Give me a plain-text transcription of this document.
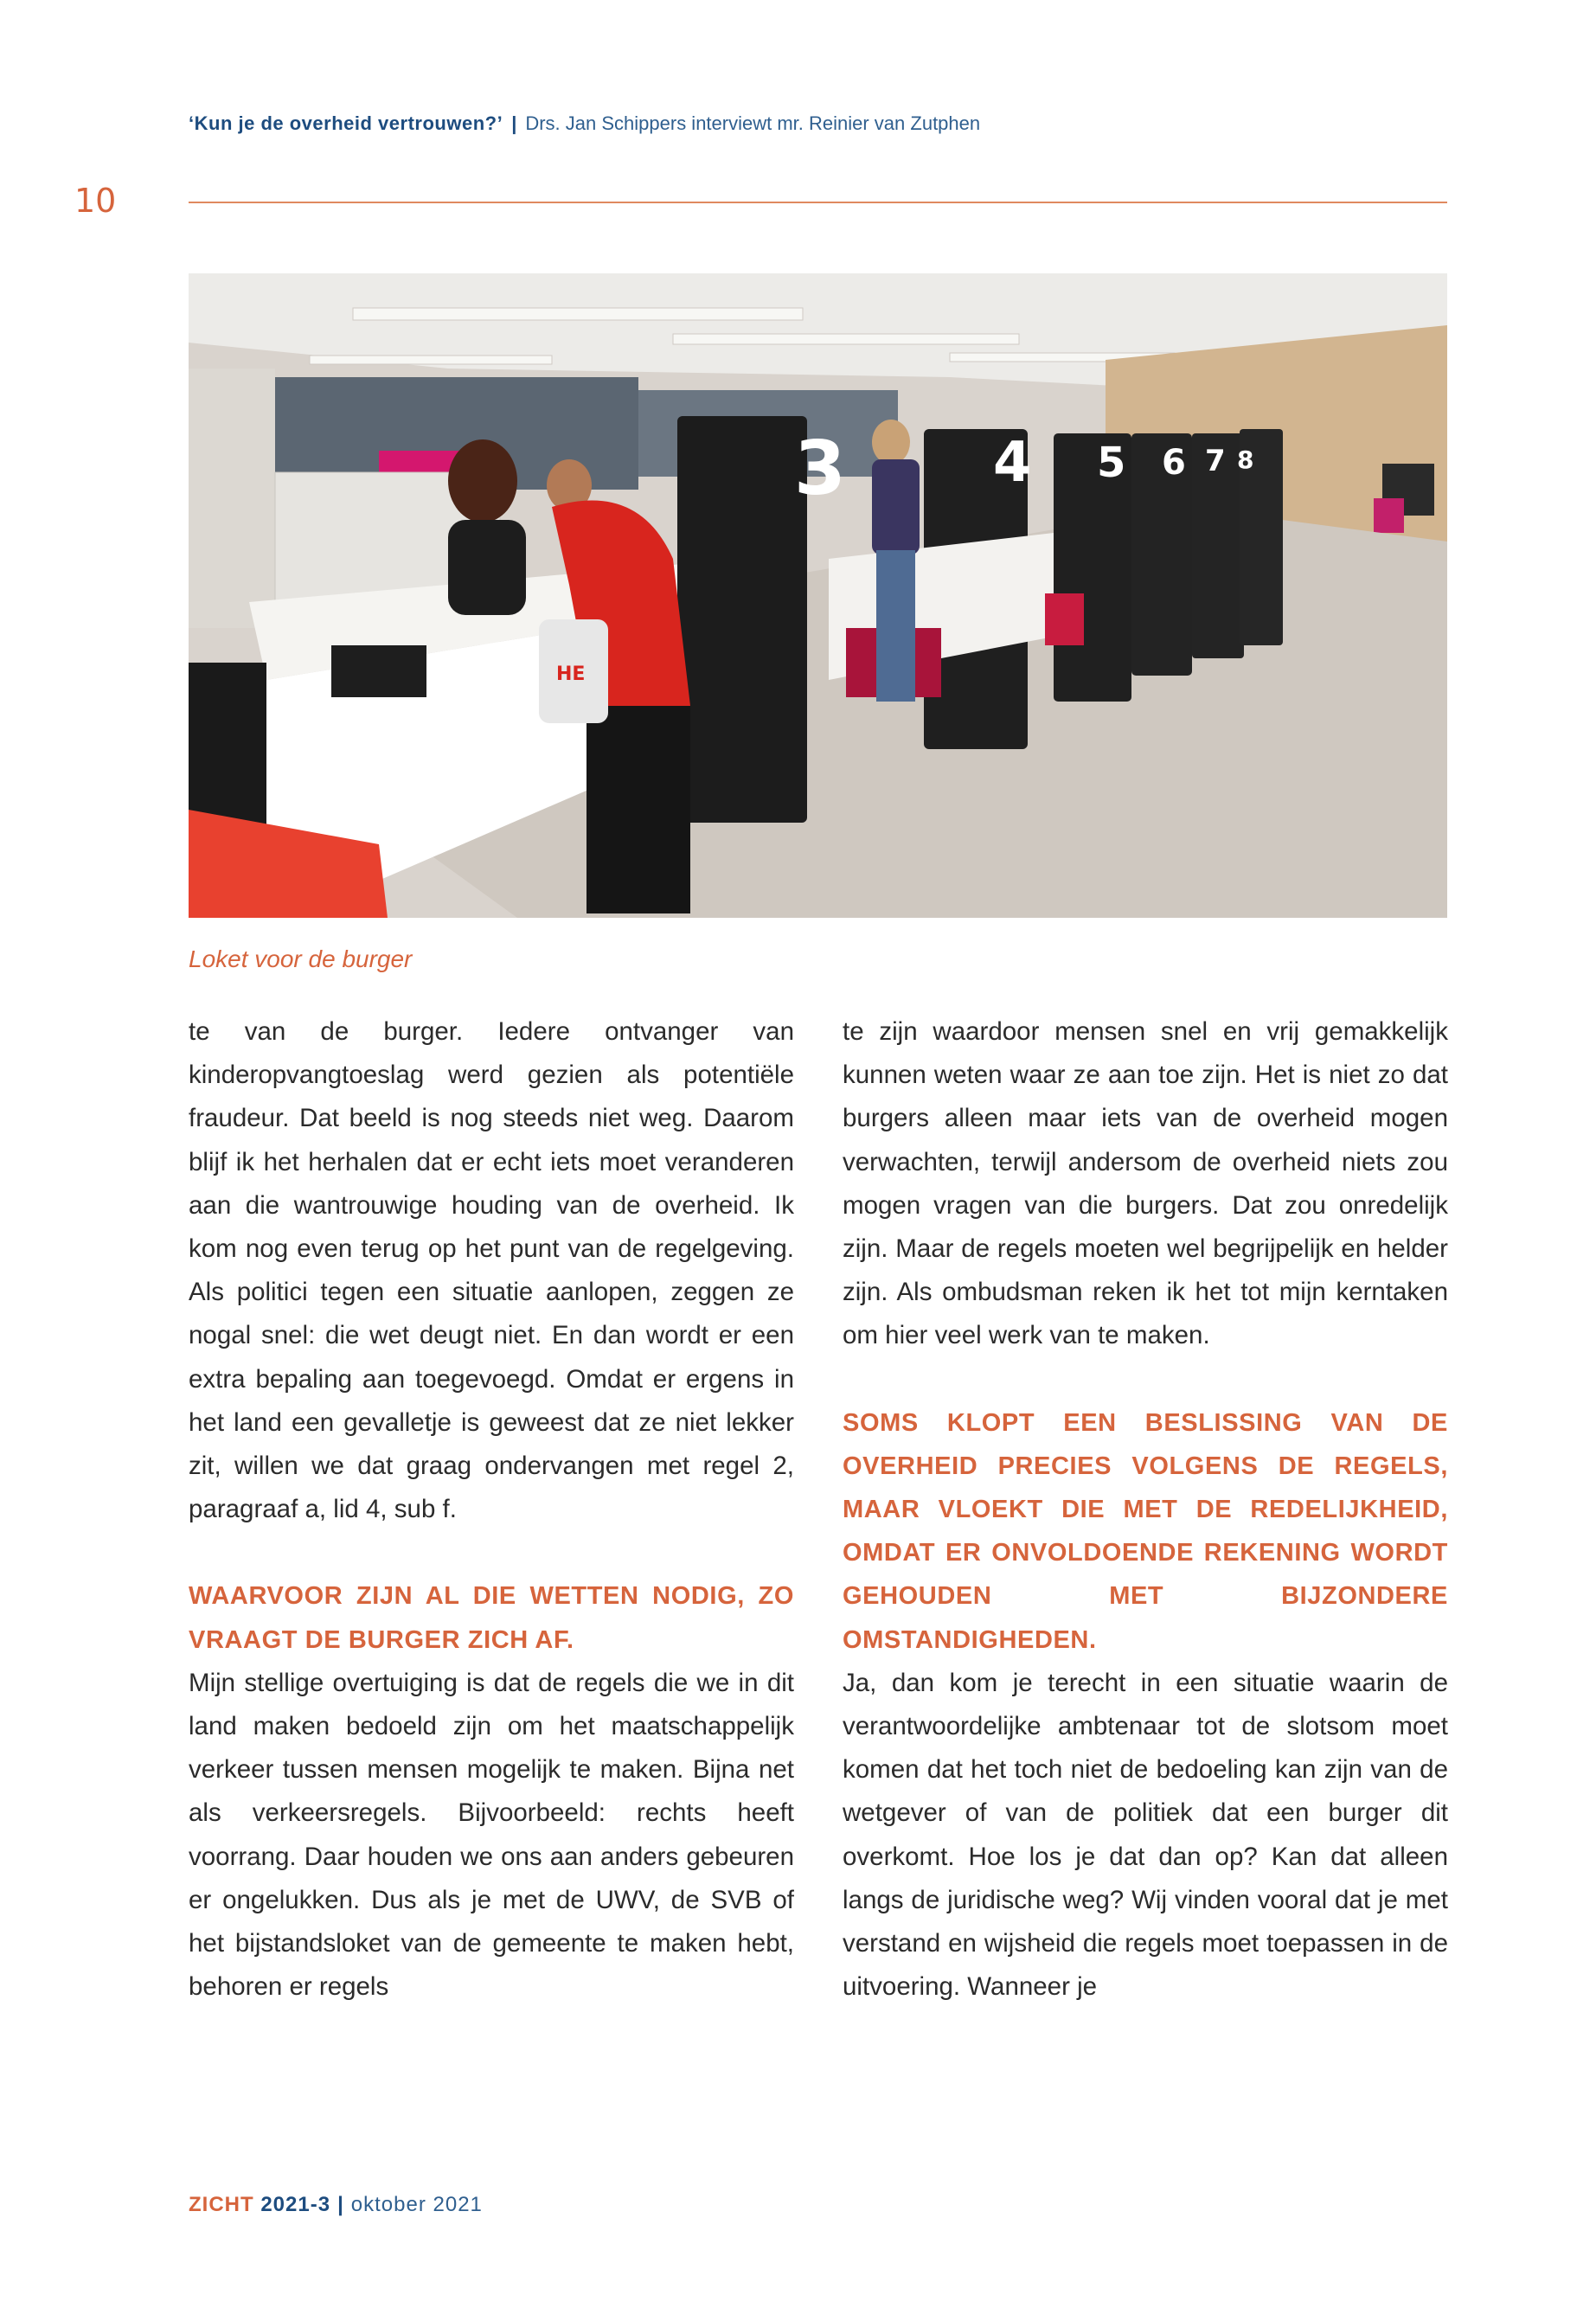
‘Kun je de overheid vertrouwen?’ | Drs. Jan Schippers interviewt mr. Reinier van Zutphen
10
3	4 5 6 7 8
HE
Loket voor de burger

te van de burger. Iedere ontvanger van kinderopvangtoeslag werd gezien als potentiële fraudeur. Dat beeld is nog steeds niet weg. Daarom blijf ik het herhalen dat er echt iets moet veranderen aan die wantrouwige houding van de overheid. Ik kom nog even terug op het punt van de regelgeving. Als politici tegen een situatie aanlopen, zeggen ze nogal snel: die wet deugt niet. En dan wordt er een extra bepaling aan toegevoegd. Omdat er ergens in het land een gevalletje is geweest dat ze niet lekker zit, willen we dat graag ondervangen met regel 2, paragraaf a, lid 4, sub f.

WAARVOOR ZIJN AL DIE WETTEN NODIG, ZO VRAAGT DE BURGER ZICH AF.

Mijn stellige overtuiging is dat de regels die we in dit land maken bedoeld zijn om het maatschappelijk verkeer tussen mensen mogelijk te maken. Bijna net als verkeersregels. Bijvoorbeeld: rechts heeft voorrang. Daar houden we ons aan anders gebeuren er ongelukken. Dus als je met de UWV, de SVB of het bijstandsloket van de gemeente te maken hebt, behoren er regels

te zijn waardoor mensen snel en vrij gemakkelijk kunnen weten waar ze aan toe zijn. Het is niet zo dat burgers alleen maar iets van de overheid mogen verwachten, terwijl andersom de overheid niets zou mogen vragen van die burgers. Dat zou onredelijk zijn. Maar de regels moeten wel begrijpelijk en helder zijn. Als ombudsman reken ik het tot mijn kerntaken om hier veel werk van te maken.

SOMS KLOPT EEN BESLISSING VAN DE OVERHEID PRECIES VOLGENS DE REGELS, MAAR VLOEKT DIE MET DE REDELIJKHEID, OMDAT ER ONVOLDOENDE REKENING WORDT GEHOUDEN MET BIJZONDERE OMSTANDIGHEDEN.

Ja, dan kom je terecht in een situatie waarin de verantwoordelijke ambtenaar tot de slotsom moet komen dat het toch niet de bedoeling kan zijn van de wetgever of van de politiek dat een burger dit overkomt. Hoe los je dat dan op? Kan dat alleen langs de juridische weg? Wij vinden vooral dat je met verstand en wijsheid die regels moet toepassen in de uitvoering. Wanneer je

ZICHT 2021-3 | oktober 2021
